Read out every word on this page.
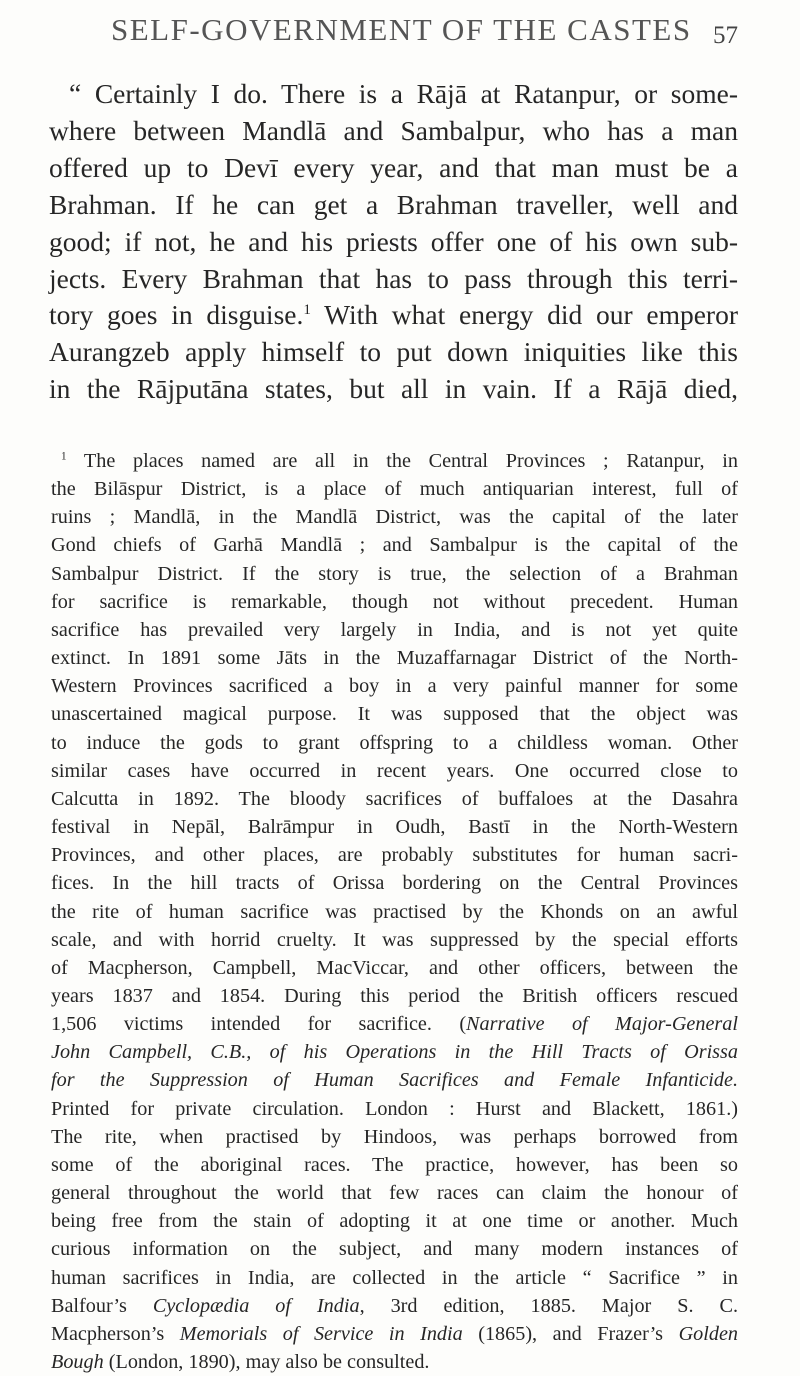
SELF-GOVERNMENT OF THE CASTES 57
“ Certainly I do. There is a Rājā at Ratanpur, or some-
where between Mandlā and Sambalpur, who has a man
offered up to Devī every year, and that man must be a
Brahman. If he can get a Brahman traveller, well and
good; if not, he and his priests offer one of his own sub-
jects. Every Brahman that has to pass through this terri-
tory goes in disguise.$^1$ With what energy did our emperor
Aurangzeb apply himself to put down iniquities like this
in the Rājputāna states, but all in vain. If a Rājā died,
$^1$ The places named are all in the Central Provinces ; Ratanpur, in
the Bilāspur District, is a place of much antiquarian interest, full of
ruins ; Mandlā, in the Mandlā District, was the capital of the later
Gond chiefs of Garhā Mandlā ; and Sambalpur is the capital of the
Sambalpur District. If the story is true, the selection of a Brahman
for sacrifice is remarkable, though not without precedent. Human
sacrifice has prevailed very largely in India, and is not yet quite
extinct. In 1891 some Jāts in the Muzaffarnagar District of the North-
Western Provinces sacrificed a boy in a very painful manner for some
unascertained magical purpose. It was supposed that the object was
to induce the gods to grant offspring to a childless woman. Other
similar cases have occurred in recent years. One occurred close to
Calcutta in 1892. The bloody sacrifices of buffaloes at the Dasahra
festival in Nepāl, Balrāmpur in Oudh, Bastī in the North-Western
Provinces, and other places, are probably substitutes for human sacri-
fices. In the hill tracts of Orissa bordering on the Central Provinces
the rite of human sacrifice was practised by the Khonds on an awful
scale, and with horrid cruelty. It was suppressed by the special efforts
of Macpherson, Campbell, MacViccar, and other officers, between the
years 1837 and 1854. During this period the British officers rescued
1,506 victims intended for sacrifice. (Narrative of Major-General
John Campbell, C.B., of his Operations in the Hill Tracts of Orissa
for the Suppression of Human Sacrifices and Female Infanticide.
Printed for private circulation. London : Hurst and Blackett, 1861.)
The rite, when practised by Hindoos, was perhaps borrowed from
some of the aboriginal races. The practice, however, has been so
general throughout the world that few races can claim the honour of
being free from the stain of adopting it at one time or another. Much
curious information on the subject, and many modern instances of
human sacrifices in India, are collected in the article “ Sacrifice ” in
Balfour’s Cyclopædia of India, 3rd edition, 1885. Major S. C.
Macpherson’s Memorials of Service in India (1865), and Frazer’s Golden
Bough (London, 1890), may also be consulted.
